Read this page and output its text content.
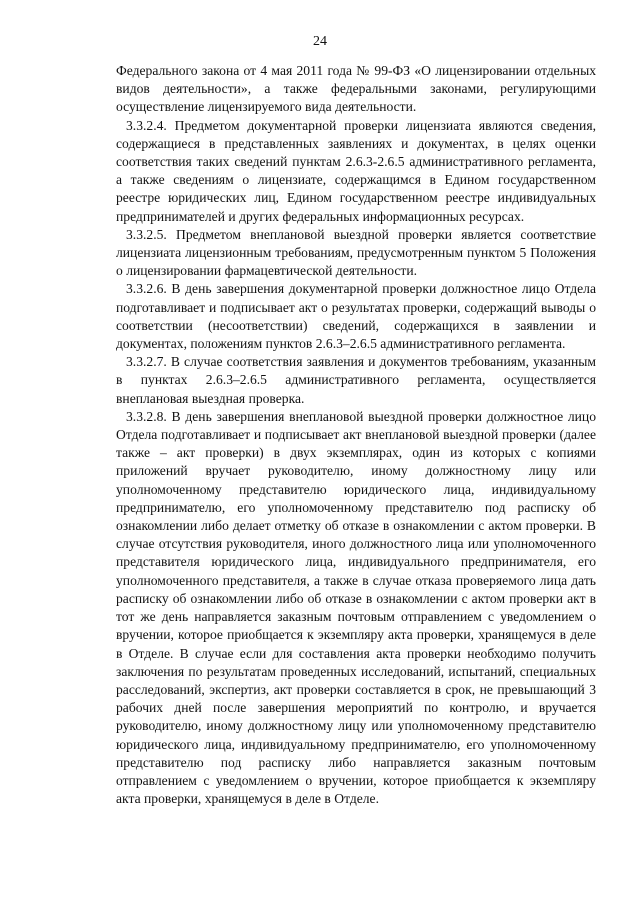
24

Федерального закона от 4 мая 2011 года № 99-ФЗ «О лицензировании отдельных видов деятельности», а также федеральными законами, регулирующими осуществление лицензируемого вида деятельности.

3.3.2.4. Предметом документарной проверки лицензиата являются сведения, содержащиеся в представленных заявлениях и документах, в целях оценки соответствия таких сведений пунктам 2.6.3-2.6.5 административного регламента, а также сведениям о лицензиате, содержащимся в Едином государственном реестре юридических лиц, Едином государственном реестре индивидуальных предпринимателей и других федеральных информационных ресурсах.

3.3.2.5. Предметом внеплановой выездной проверки является соответствие лицензиата лицензионным требованиям, предусмотренным пунктом 5 Положения о лицензировании фармацевтической деятельности.

3.3.2.6. В день завершения документарной проверки должностное лицо Отдела подготавливает и подписывает акт о результатах проверки, содержащий выводы о соответствии (несоответствии) сведений, содержащихся в заявлении и документах, положениям пунктов 2.6.3–2.6.5 административного регламента.

3.3.2.7. В случае соответствия заявления и документов требованиям, указанным в пунктах 2.6.3–2.6.5 административного регламента, осуществляется внеплановая выездная проверка.

3.3.2.8. В день завершения внеплановой выездной проверки должностное лицо Отдела подготавливает и подписывает акт внеплановой выездной проверки (далее также – акт проверки) в двух экземплярах, один из которых с копиями приложений вручает руководителю, иному должностному лицу или уполномоченному представителю юридического лица, индивидуальному предпринимателю, его уполномоченному представителю под расписку об ознакомлении либо делает отметку об отказе в ознакомлении с актом проверки. В случае отсутствия руководителя, иного должностного лица или уполномоченного представителя юридического лица, индивидуального предпринимателя, его уполномоченного представителя, а также в случае отказа проверяемого лица дать расписку об ознакомлении либо об отказе в ознакомлении с актом проверки акт в тот же день направляется заказным почтовым отправлением с уведомлением о вручении, которое приобщается к экземпляру акта проверки, хранящемуся в деле в Отделе. В случае если для составления акта проверки необходимо получить заключения по результатам проведенных исследований, испытаний, специальных расследований, экспертиз, акт проверки составляется в срок, не превышающий 3 рабочих дней после завершения мероприятий по контролю, и вручается руководителю, иному должностному лицу или уполномоченному представителю юридического лица, индивидуальному предпринимателю, его уполномоченному представителю под расписку либо направляется заказным почтовым отправлением с уведомлением о вручении, которое приобщается к экземпляру акта проверки, хранящемуся в деле в Отделе.
